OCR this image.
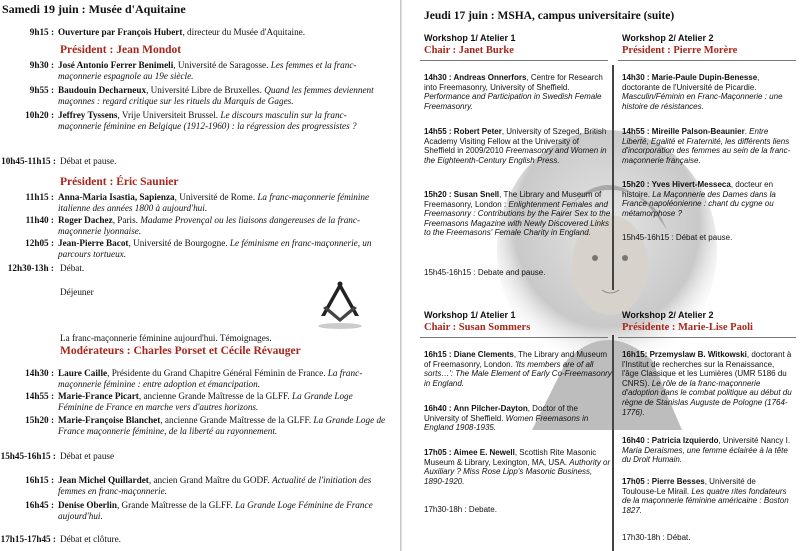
Samedi 19 juin : Musée d'Aquitaine
9h15 : Ouverture par François Hubert, directeur du Musée d'Aquitaine.
Président : Jean Mondot
9h30 : José Antonio Ferrer Benimeli, Université de Saragosse. Les femmes et la franc-maçonnerie espagnole au 19e siècle.
9h55 : Baudouin Decharneux, Université Libre de Bruxelles. Quand les femmes deviennent maçonnes : regard critique sur les rituels du Marquis de Gages.
10h20 : Jeffrey Tyssens, Vrije Universiteit Brussel. Le discours masculin sur la franc-maçonnerie féminine en Belgique (1912-1960) : la régression des progressistes ?
10h45-11h15 : Débat et pause.
Président : Éric Saunier
11h15 : Anna-Maria Isastia, Sapienza, Université de Rome. La franc-maçonnerie féminine italienne des années 1800 à aujourd'hui.
11h40 : Roger Dachez, Paris. Madame Provençal ou les liaisons dangereuses de la franc-maçonnerie lyonnaise.
12h05 : Jean-Pierre Bacot, Université de Bourgogne. Le féminisme en franc-maçonnerie, un parcours tortueux.
12h30-13h : Débat.
Déjeuner
La franc-maçonnerie féminine aujourd'hui. Témoignages.
Modérateurs : Charles Porset et Cécile Révauger
14h30 : Laure Caille, Présidente du Grand Chapitre Général Féminin de France. La franc-maçonnerie féminine : entre adoption et émancipation.
14h55 : Marie-France Picart, ancienne Grande Maîtresse de la GLFF. La Grande Loge Féminine de France en marche vers d'autres horizons.
15h20 : Marie-Françoise Blanchet, ancienne Grande Maîtresse de la GLFF. La Grande Loge de France maçonnerie féminine, de la liberté au rayonnement.
15h45-16h15 : Débat et pause
16h15 : Jean Michel Quillardet, ancien Grand Maître du GODF. Actualité de l'initiation des femmes en franc-maçonnerie.
16h45 : Denise Oberlin, Grande Maîtresse de la GLFF. La Grande Loge Féminine de France aujourd'hui.
17h15-17h45 : Débat et clôture.
Jeudi 17 juin : MSHA, campus universitaire (suite)
Workshop 1/ Atelier 1
Chair : Janet Burke
14h30 : Andreas Onnerfors, Centre for Research into Freemasonry, University of Sheffield. Performance and Participation in Swedish Female Freemasonry.
14h55 : Robert Peter, University of Szeged, British Academy Visiting Fellow at the University of Sheffield in 2009/2010 Freemasonry and Women in the Eighteenth-Century English Press.
15h20 : Susan Snell, The Library and Museum of Freemasonry, London : Enlightenment Females and Freemasonry : Contributions by the Fairer Sex to the Freemasons Magazine with Newly Discovered Links to the Freemasons' Female Charity in England.
15h45-16h15 : Debate and pause.
Workshop 2/ Atelier 2
Président : Pierre Morère
14h30 : Marie-Paule Dupin-Benesse, doctorante de l'Université de Picardie. Masculin/Féminin en Franc-Maçonnerie : une histoire de résistances.
14h55 : Mireille Palson-Beaunier. Entre Liberté, Egalité et Fraternité, les différents liens d'incorporation des femmes au sein de la franc-maçonnerie française.
15h20 : Yves Hivert-Messeca, docteur en histoire. La Maçonnerie des Dames dans la France napoléonienne : chant du cygne ou métamorphose ?
15h45-16h15 : Débat et pause.
Workshop 1/ Atelier 1
Chair : Susan Sommers
16h15 : Diane Clements, The Library and Museum of Freemasonry, London. 'Its members are of all sorts…': The Male Element of Early Co-Freemasonry in England.
16h40 : Ann Pilcher-Dayton, Doctor of the University of Sheffield. Women Freemasons in England 1908-1935.
17h05 : Aimee E. Newell, Scottish Rite Masonic Museum & Library, Lexington, MA, USA. Authority or Auxiliary ? Miss Rose Lipp's Masonic Business, 1890-1920.
17h30-18h : Debate.
Workshop 2/ Atelier 2
Présidente : Marie-Lise Paoli
16h15: Przemyslaw B. Witkowski, doctorant à l'Institut de recherches sur la Renaissance, l'âge Classique et les Lumières (UMR 5186 du CNRS). Le rôle de la franc-maçonnerie d'adoption dans le combat politique au début du règne de Stanislas Auguste de Pologne (1764-1776).
16h40 : Patricia Izquierdo, Université Nancy I. Maria Deraismes, une femme éclairée à la tête du Droit Humain.
17h05 : Pierre Besses, Université de Toulouse-Le Mirail. Les quatre rites fondateurs de la maçonnerie féminine américaine : Boston 1827.
17h30-18h : Débat.
